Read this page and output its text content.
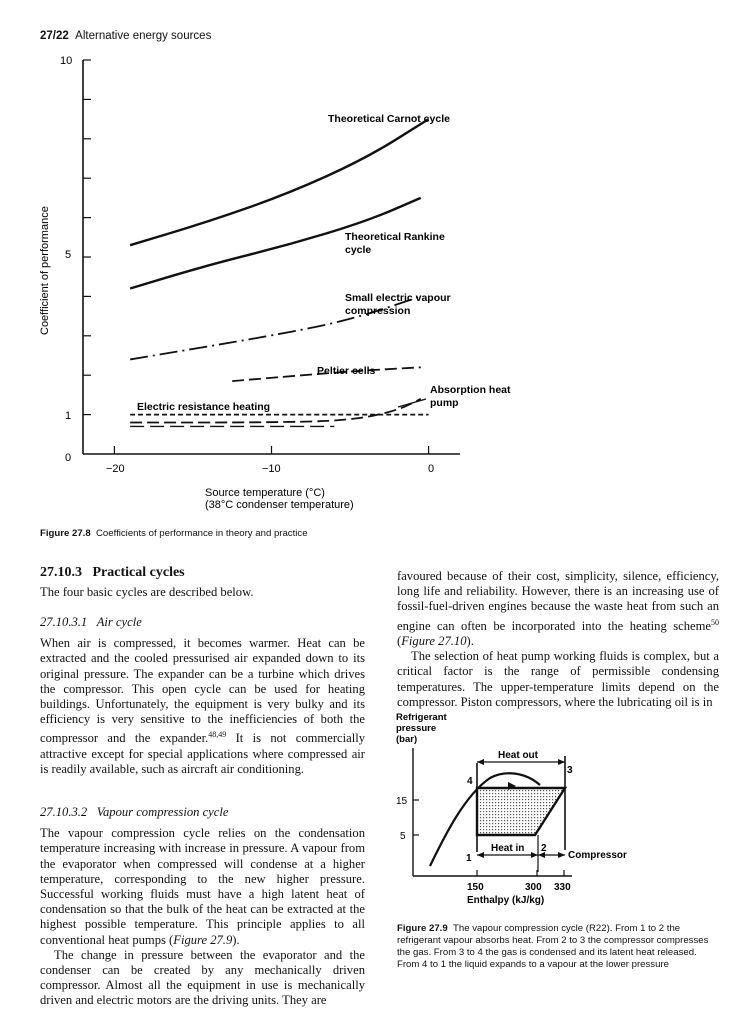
27/22 Alternative energy sources
10
5
1
0
−20	−10	0
Coefficient of performance
Source temperature (°C)
(38°C condenser temperature)
Theoretical Carnot cycle
Theoretical Rankine
cycle
Small electric vapour
compression
Peltier cells
Absorption heat
pump
Electric resistance heating
Figure 27.8 Coefficients of performance in theory and practice
27.10.3 Practical cycles
The four basic cycles are described below.
27.10.3.1 Air cycle
When air is compressed, it becomes warmer. Heat can be extracted and the cooled pressurised air expanded down to its original pressure. The expander can be a turbine which drives the compressor. This open cycle can be used for heating buildings. Unfortunately, the equipment is very bulky and its efficiency is very sensitive to the inefficiencies of both the compressor and the expander.$^{48,49}$ It is not commercially attractive except for special applications where compressed air is readily available, such as aircraft air conditioning.
27.10.3.2 Vapour compression cycle
The vapour compression cycle relies on the condensation temperature increasing with increase in pressure. A vapour from the evaporator when compressed will condense at a higher temperature, corresponding to the new higher pressure. Successful working fluids must have a high latent heat of condensation so that the bulk of the heat can be extracted at the highest possible temperature. This principle applies to all conventional heat pumps (Figure 27.9).
The change in pressure between the evaporator and the condenser can be created by any mechanically driven compressor. Almost all the equipment in use is mechanically driven and electric motors are the driving units. They are
favoured because of their cost, simplicity, silence, efficiency, long life and reliability. However, there is an increasing use of fossil-fuel-driven engines because the waste heat from such an engine can often be incorporated into the heating scheme$^{50}$ (Figure 27.10).
The selection of heat pump working fluids is complex, but a critical factor is the range of permissible condensing temperatures. The upper-temperature limits depend on the compressor. Piston compressors, where the lubricating oil is in
Refrigerant
pressure
(bar)
15
5
150	300 330
Enthalpy (kJ/kg)
Heat out
Heat in
Compressor
1
2
3
4
Figure 27.9 The vapour compression cycle (R22). From 1 to 2 the refrigerant vapour absorbs heat. From 2 to 3 the compressor compresses the gas. From 3 to 4 the gas is condensed and its latent heat released. From 4 to 1 the liquid expands to a vapour at the lower pressure
